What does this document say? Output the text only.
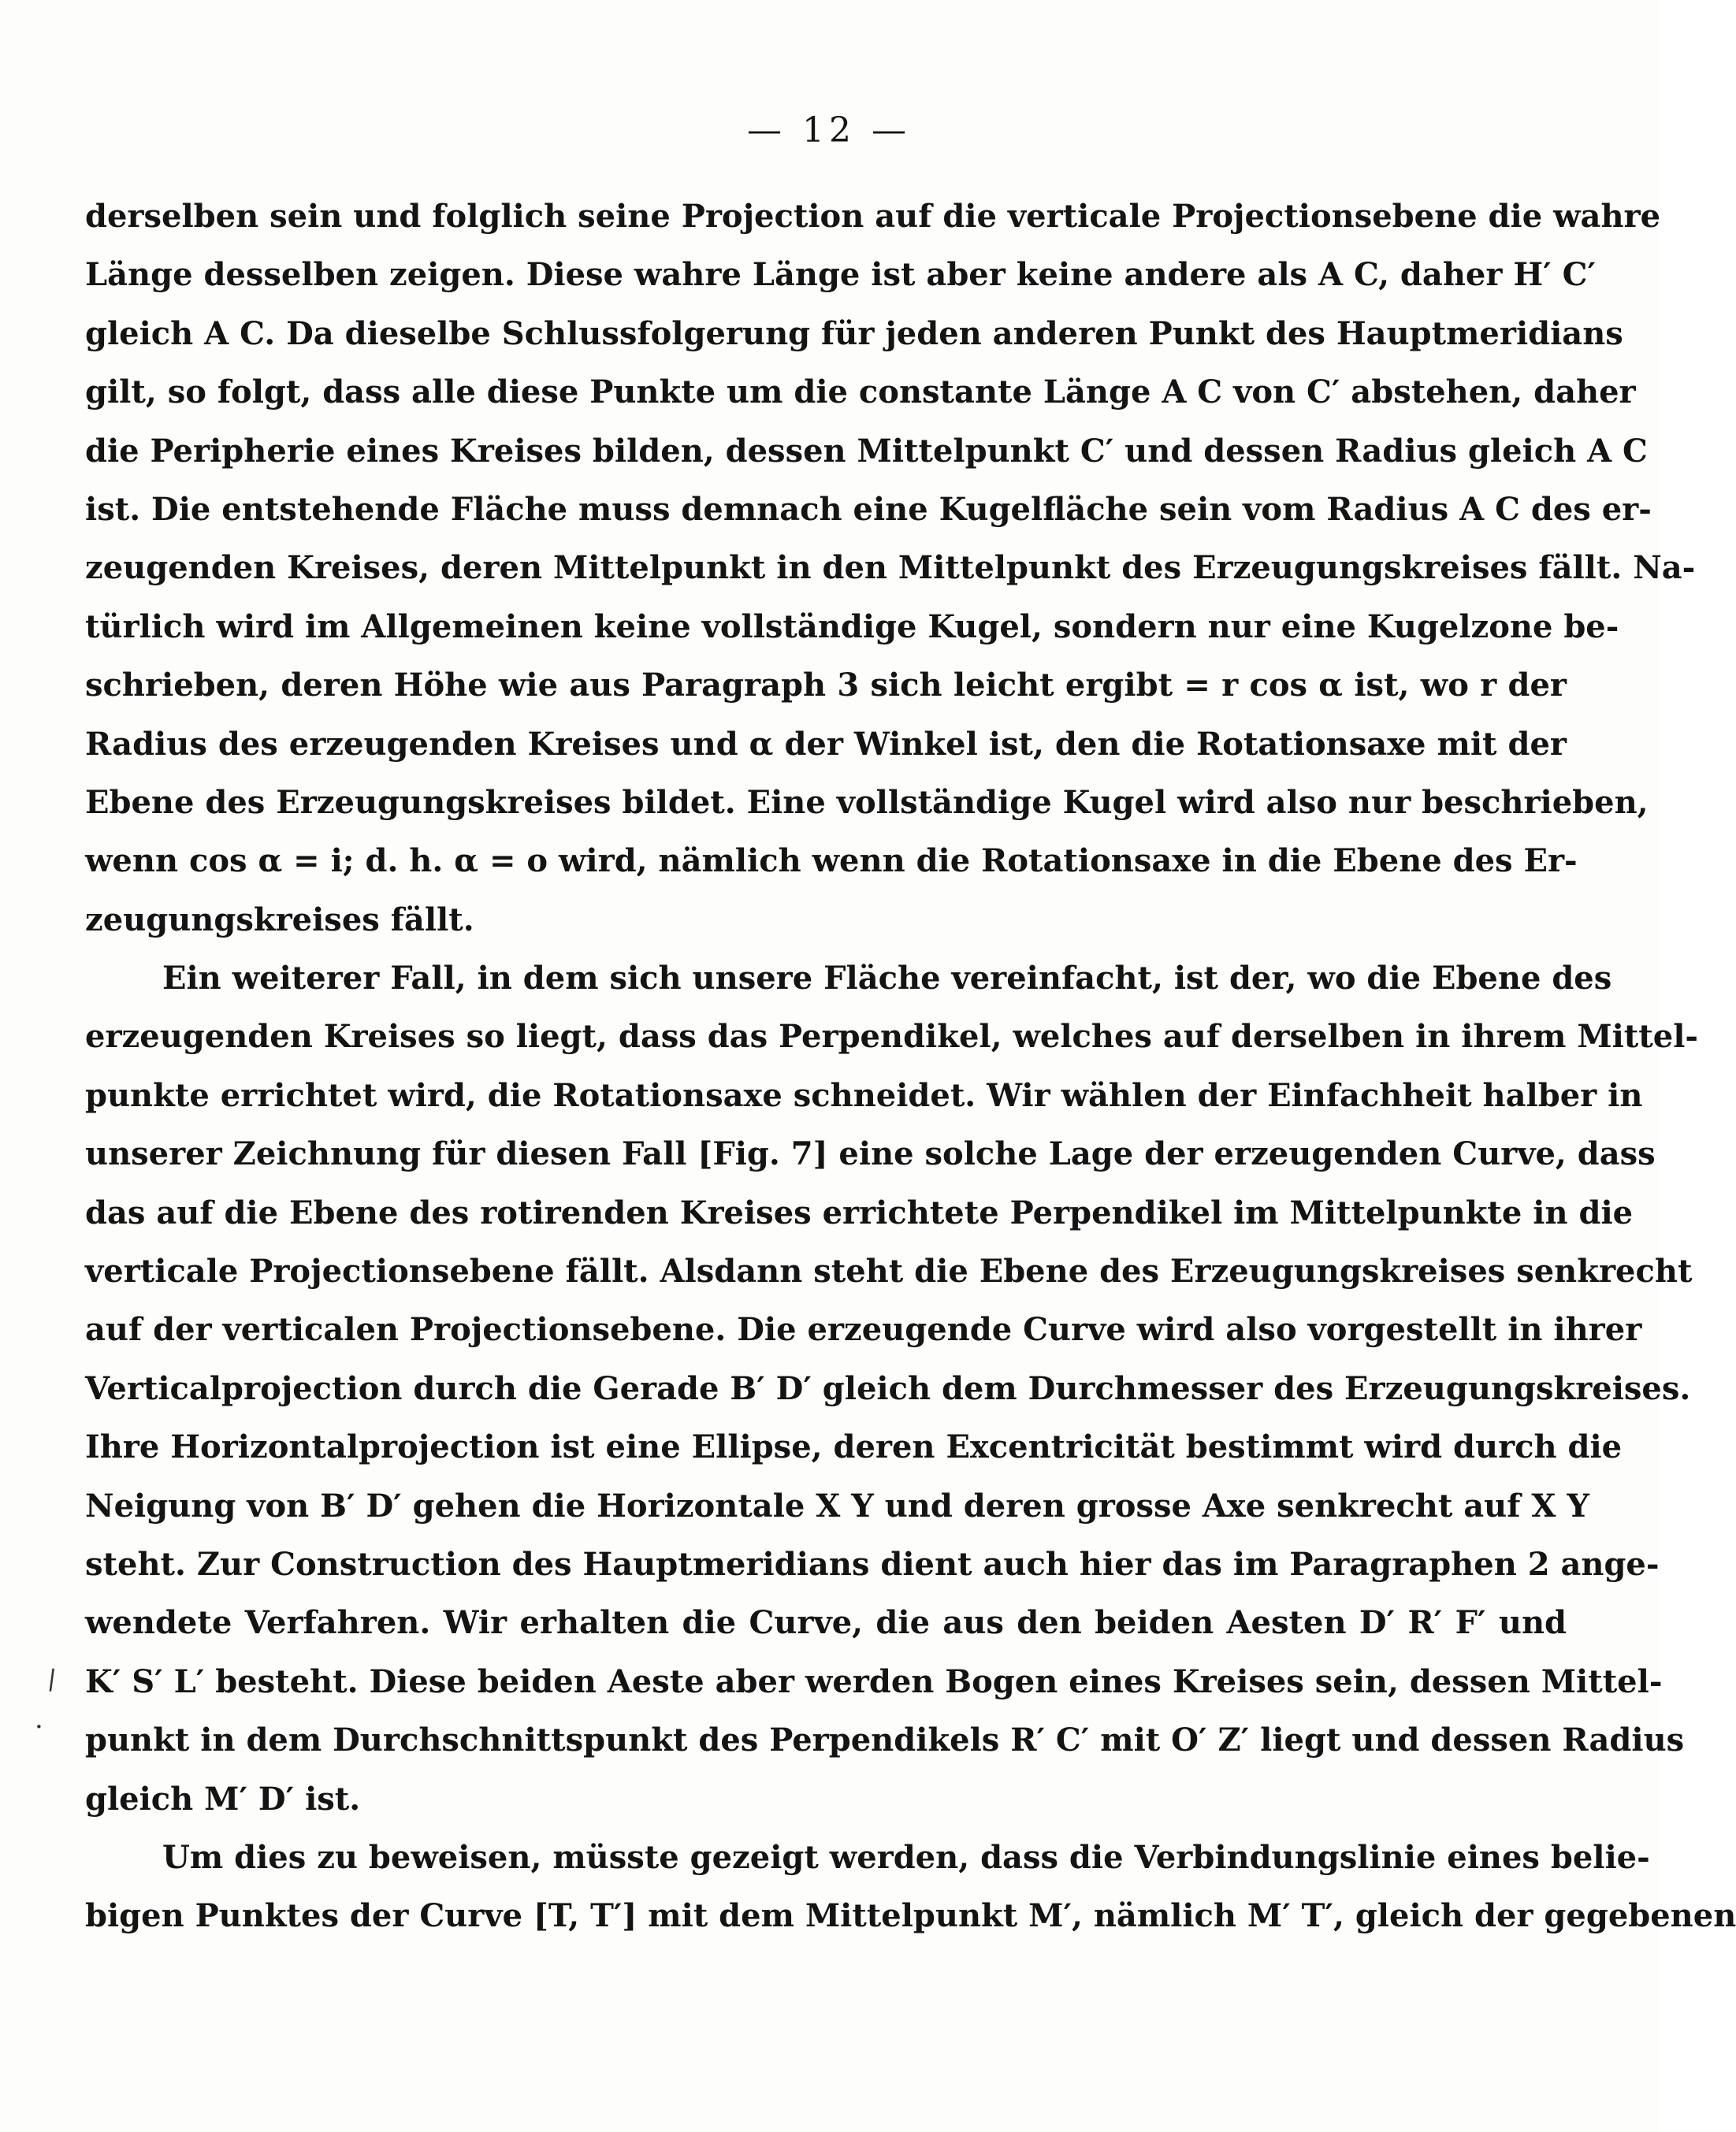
— 12 —
/
·
derselben sein und folglich seine Projection auf die verticale Projectionsebene die wahre
Länge desselben zeigen. Diese wahre Länge ist aber keine andere als A C, daher H′ C′
gleich A C. Da dieselbe Schlussfolgerung für jeden anderen Punkt des Hauptmeridians
gilt, so folgt, dass alle diese Punkte um die constante Länge A C von C′ abstehen, daher
die Peripherie eines Kreises bilden, dessen Mittelpunkt C′ und dessen Radius gleich A C
ist. Die entstehende Fläche muss demnach eine Kugelfläche sein vom Radius A C des er-
zeugenden Kreises, deren Mittelpunkt in den Mittelpunkt des Erzeugungskreises fällt. Na-
türlich wird im Allgemeinen keine vollständige Kugel, sondern nur eine Kugelzone be-
schrieben, deren Höhe wie aus Paragraph 3 sich leicht ergibt = r cos α ist, wo r der
Radius des erzeugenden Kreises und α der Winkel ist, den die Rotationsaxe mit der
Ebene des Erzeugungskreises bildet. Eine vollständige Kugel wird also nur beschrieben,
wenn cos α = i; d. h. α = o wird, nämlich wenn die Rotationsaxe in die Ebene des Er-
zeugungskreises fällt.
Ein weiterer Fall, in dem sich unsere Fläche vereinfacht, ist der, wo die Ebene des
erzeugenden Kreises so liegt, dass das Perpendikel, welches auf derselben in ihrem Mittel-
punkte errichtet wird, die Rotationsaxe schneidet. Wir wählen der Einfachheit halber in
unserer Zeichnung für diesen Fall [Fig. 7] eine solche Lage der erzeugenden Curve, dass
das auf die Ebene des rotirenden Kreises errichtete Perpendikel im Mittelpunkte in die
verticale Projectionsebene fällt. Alsdann steht die Ebene des Erzeugungskreises senkrecht
auf der verticalen Projectionsebene. Die erzeugende Curve wird also vorgestellt in ihrer
Verticalprojection durch die Gerade B′ D′ gleich dem Durchmesser des Erzeugungskreises.
Ihre Horizontalprojection ist eine Ellipse, deren Excentricität bestimmt wird durch die
Neigung von B′ D′ gehen die Horizontale X Y und deren grosse Axe senkrecht auf X Y
steht. Zur Construction des Hauptmeridians dient auch hier das im Paragraphen 2 ange-
wendete Verfahren. Wir erhalten die Curve, die aus den beiden Aesten D′ R′ F′ und
K′ S′ L′ besteht. Diese beiden Aeste aber werden Bogen eines Kreises sein, dessen Mittel-
punkt in dem Durchschnittspunkt des Perpendikels R′ C′ mit O′ Z′ liegt und dessen Radius
gleich M′ D′ ist.
Um dies zu beweisen, müsste gezeigt werden, dass die Verbindungslinie eines belie-
bigen Punktes der Curve [T, T′] mit dem Mittelpunkt M′, nämlich M′ T′, gleich der gegebenen
